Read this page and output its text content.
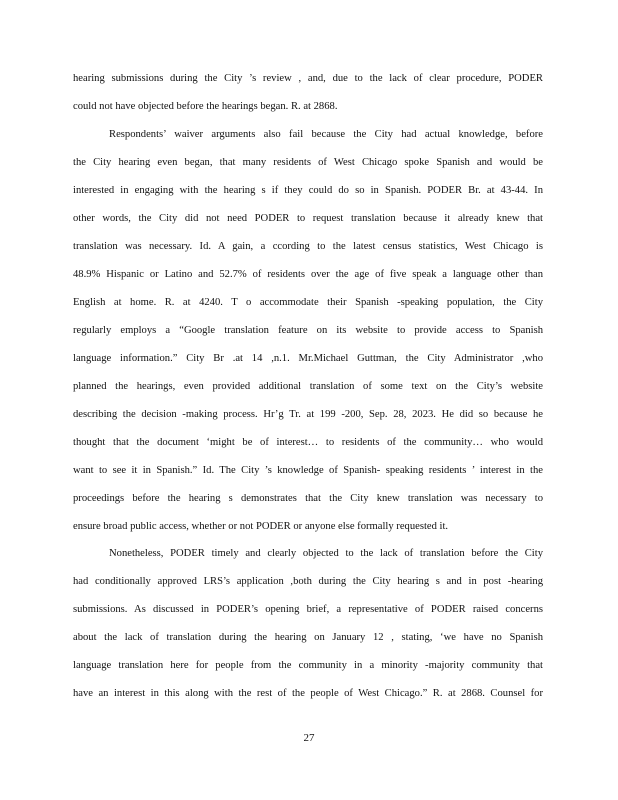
hearing submissions during the City ’s review , and, due to the lack of clear procedure, PODER
could not have objected before the hearings began. R. at 2868.
Respondents’ waiver arguments also fail because the City had actual knowledge, before
the City hearing even began, that many residents of West Chicago spoke Spanish and would be
interested in engaging with the hearing s if they could do so in Spanish. PODER Br. at 43-44. In
other words, the City did not need PODER to request translation because it already knew that
translation was necessary. Id. A gain, a ccording to the latest census statistics, West Chicago is
48.9% Hispanic or Latino and 52.7% of residents over the age of five speak a language other than
English at home. R. at 4240. T o accommodate their Spanish -speaking population, the City
regularly employs a “Google translation feature on its website to provide access to Spanish
language information.” City Br .at 14 ,n.1. Mr.Michael Guttman, the City Administrator ,who
planned the hearings, even provided additional translation of some text on the City’s website
describing the decision -making process. Hr’g Tr. at 199 -200, Sep. 28, 2023. He did so because he
thought that the document ‘might be of interest… to residents of the community… who would
want to see it in Spanish.” Id. The City ’s knowledge of Spanish- speaking residents ’ interest in the
proceedings before the hearing s demonstrates that the City knew translation was necessary to
ensure broad public access, whether or not PODER or anyone else formally requested it.
Nonetheless, PODER timely and clearly objected to the lack of translation before the City
had conditionally approved LRS’s application ,both during the City hearing s and in post -hearing
submissions. As discussed in PODER’s opening brief, a representative of PODER raised concerns
about the lack of translation during the hearing on January 12 , stating, ‘we have no Spanish
language translation here for people from the community in a minority -majority community that
have an interest in this along with the rest of the people of West Chicago.” R. at 2868. Counsel for
27
